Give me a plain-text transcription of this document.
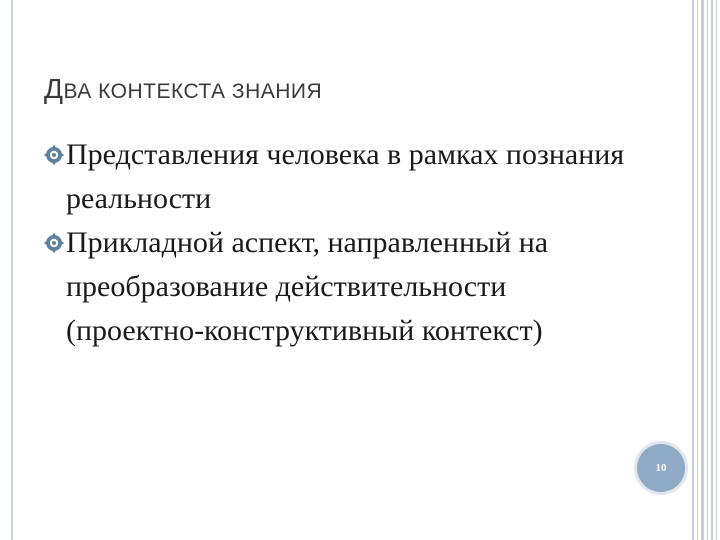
ДВА КОНТЕКСТА ЗНАНИЯ
Представления человека в рамках познания реальности
Прикладной аспект, направленный на преобразование действительности (проектно-конструктивный контекст)
10
